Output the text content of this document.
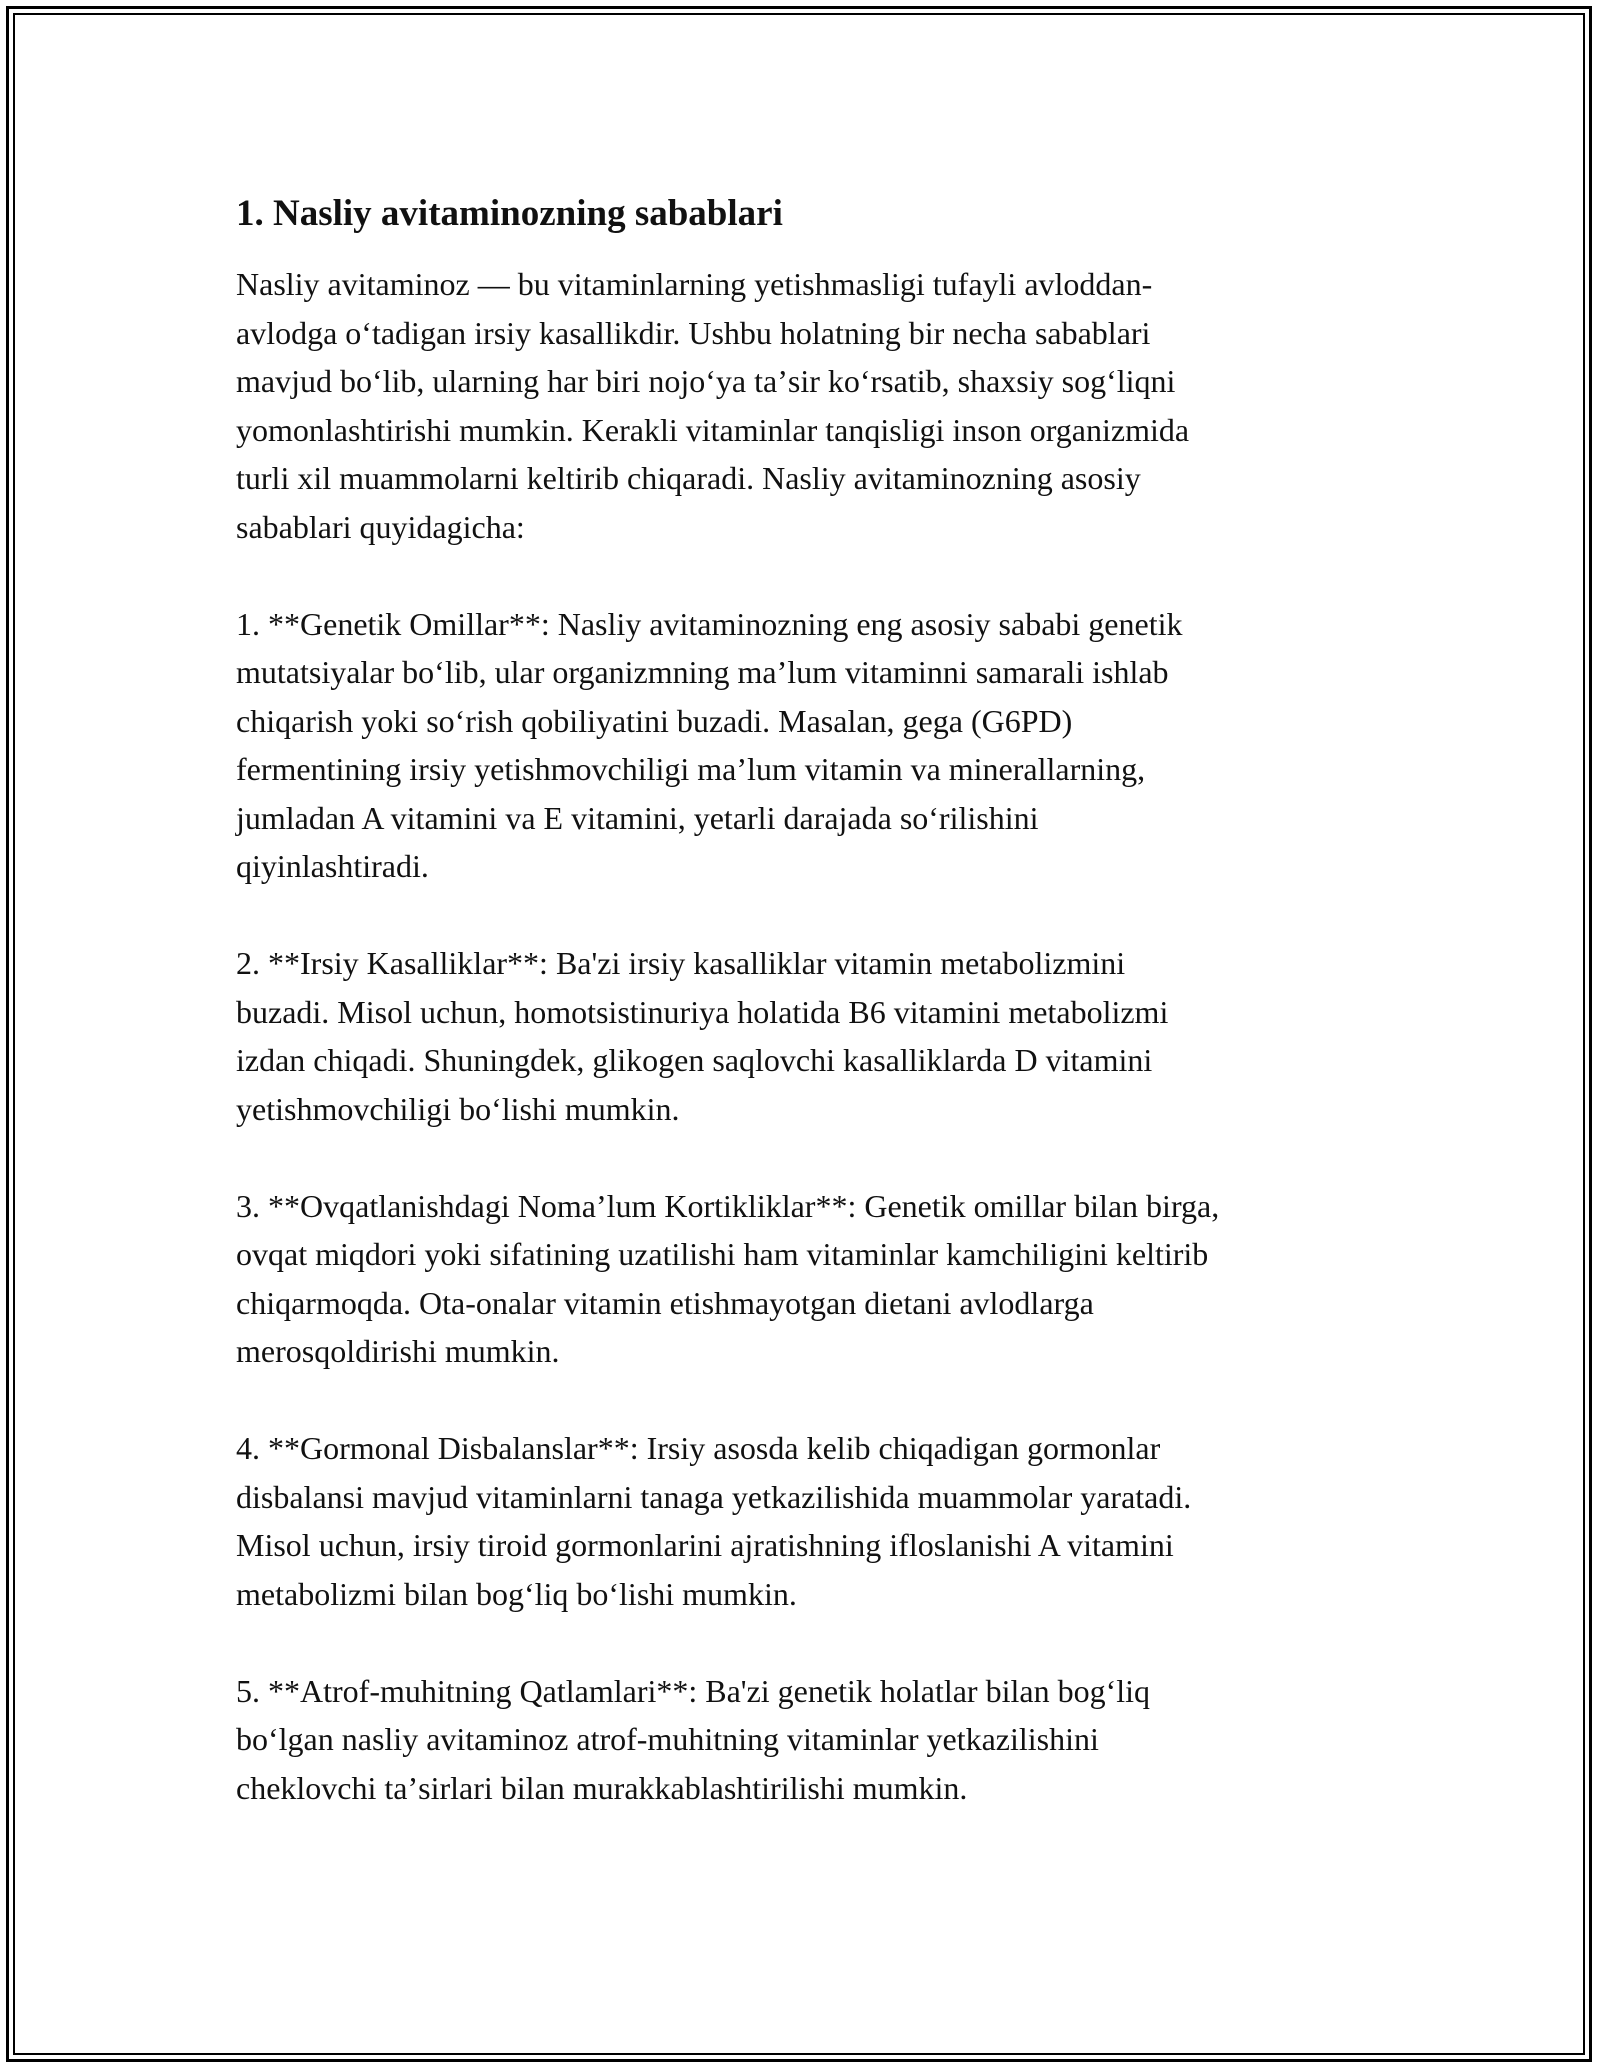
1. Nasliy avitaminozning sabablari

Nasliy avitaminoz — bu vitaminlarning yetishmasligi tufayli avloddan-
avlodga oʻtadigan irsiy kasallikdir. Ushbu holatning bir necha sabablari
mavjud boʻlib, ularning har biri nojoʻya taʼsir koʻrsatib, shaxsiy sogʻliqni
yomonlashtirishi mumkin. Kerakli vitaminlar tanqisligi inson organizmida
turli xil muammolarni keltirib chiqaradi. Nasliy avitaminozning asosiy
sabablari quyidagicha:

1. **Genetik Omillar**: Nasliy avitaminozning eng asosiy sababi genetik
mutatsiyalar boʻlib, ular organizmning maʼlum vitaminni samarali ishlab
chiqarish yoki soʻrish qobiliyatini buzadi. Masalan, gega (G6PD)
fermentining irsiy yetishmovchiligi maʼlum vitamin va minerallarning,
jumladan A vitamini va E vitamini, yetarli darajada soʻrilishini
qiyinlashtiradi.

2. **Irsiy Kasalliklar**: Ba'zi irsiy kasalliklar vitamin metabolizmini
buzadi. Misol uchun, homotsistinuriya holatida B6 vitamini metabolizmi
izdan chiqadi. Shuningdek, glikogen saqlovchi kasalliklarda D vitamini
yetishmovchiligi boʻlishi mumkin.

3. **Ovqatlanishdagi Nomaʼlum Kortikliklar**: Genetik omillar bilan birga,
ovqat miqdori yoki sifatining uzatilishi ham vitaminlar kamchiligini keltirib
chiqarmoqda. Ota-onalar vitamin etishmayotgan dietani avlodlarga
merosqoldirishi mumkin.

4. **Gormonal Disbalanslar**: Irsiy asosda kelib chiqadigan gormonlar
disbalansi mavjud vitaminlarni tanaga yetkazilishida muammolar yaratadi.
Misol uchun, irsiy tiroid gormonlarini ajratishning ifloslanishi A vitamini
metabolizmi bilan bogʻliq boʻlishi mumkin.

5. **Atrof-muhitning Qatlamlari**: Ba'zi genetik holatlar bilan bogʻliq
boʻlgan nasliy avitaminoz atrof-muhitning vitaminlar yetkazilishini
cheklovchi taʼsirlari bilan murakkablashtirilishi mumkin.
